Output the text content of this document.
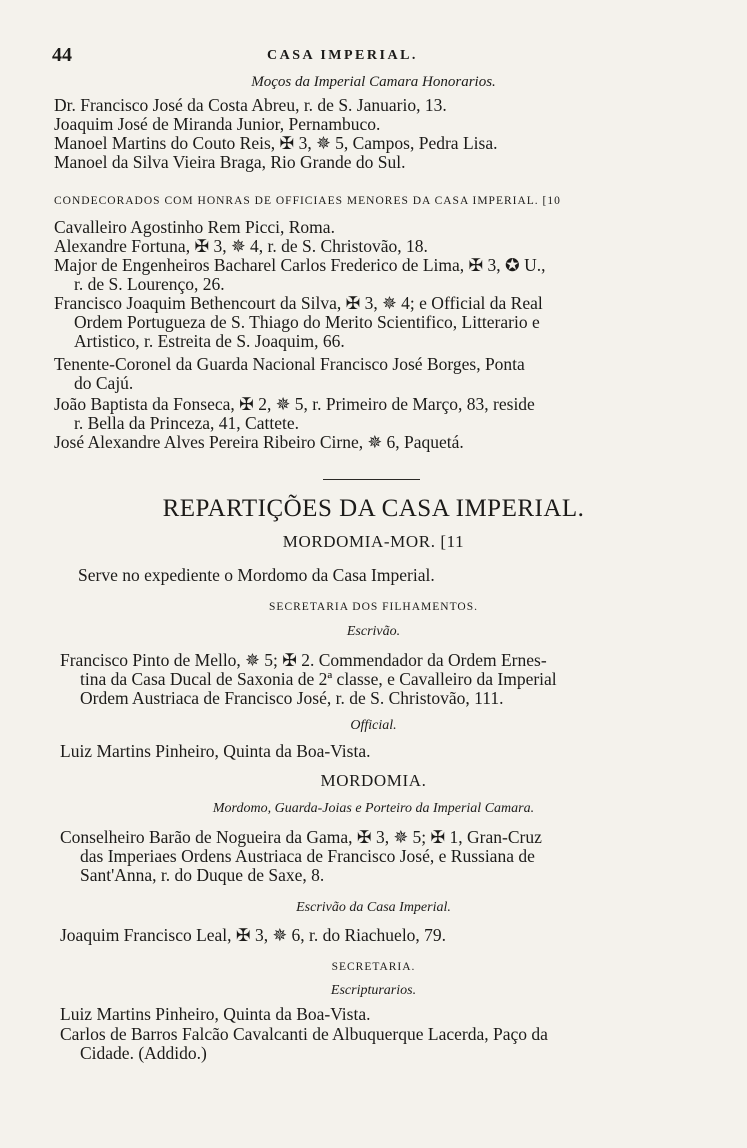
44	CASA IMPERIAL.
Moços da Imperial Camara Honorarios.
Dr. Francisco José da Costa Abreu, r. de S. Januario, 13.
Joaquim José de Miranda Junior, Pernambuco.
Manoel Martins do Couto Reis, ✠ 3, ✵ 5, Campos, Pedra Lisa.
Manoel da Silva Vieira Braga, Rio Grande do Sul.
CONDECORADOS COM HONRAS DE OFFICIAES MENORES DA CASA IMPERIAL. [10
Cavalleiro Agostinho Rem Picci, Roma.
Alexandre Fortuna, ✠ 3, ✵ 4, r. de S. Christovão, 18.
Major de Engenheiros Bacharel Carlos Frederico de Lima, ✠ 3, ✪ U.,
r. de S. Lourenço, 26.
Francisco Joaquim Bethencourt da Silva, ✠ 3, ✵ 4; e Official da Real
Ordem Portugueza de S. Thiago do Merito Scientifico, Litterario e
Artistico, r. Estreita de S. Joaquim, 66.
Tenente-Coronel da Guarda Nacional Francisco José Borges, Ponta
do Cajú.
João Baptista da Fonseca, ✠ 2, ✵ 5, r. Primeiro de Março, 83, reside
r. Bella da Princeza, 41, Cattete.
José Alexandre Alves Pereira Ribeiro Cirne, ✵ 6, Paquetá.
REPARTIÇÕES DA CASA IMPERIAL.
MORDOMIA-MOR. [11
Serve no expediente o Mordomo da Casa Imperial.
SECRETARIA DOS FILHAMENTOS.
Escrivão.
Francisco Pinto de Mello, ✵ 5; ✠ 2. Commendador da Ordem Ernes-
tina da Casa Ducal de Saxonia de 2ª classe, e Cavalleiro da Imperial
Ordem Austriaca de Francisco José, r. de S. Christovão, 111.
Official.
Luiz Martins Pinheiro, Quinta da Boa-Vista.
MORDOMIA.
Mordomo, Guarda-Joias e Porteiro da Imperial Camara.
Conselheiro Barão de Nogueira da Gama, ✠ 3, ✵ 5; ✠ 1, Gran-Cruz
das Imperiaes Ordens Austriaca de Francisco José, e Russiana de
Sant'Anna, r. do Duque de Saxe, 8.
Escrivão da Casa Imperial.
Joaquim Francisco Leal, ✠ 3, ✵ 6, r. do Riachuelo, 79.
SECRETARIA.
Escripturarios.
Luiz Martins Pinheiro, Quinta da Boa-Vista.
Carlos de Barros Falcão Cavalcanti de Albuquerque Lacerda, Paço da
Cidade. (Addido.)
